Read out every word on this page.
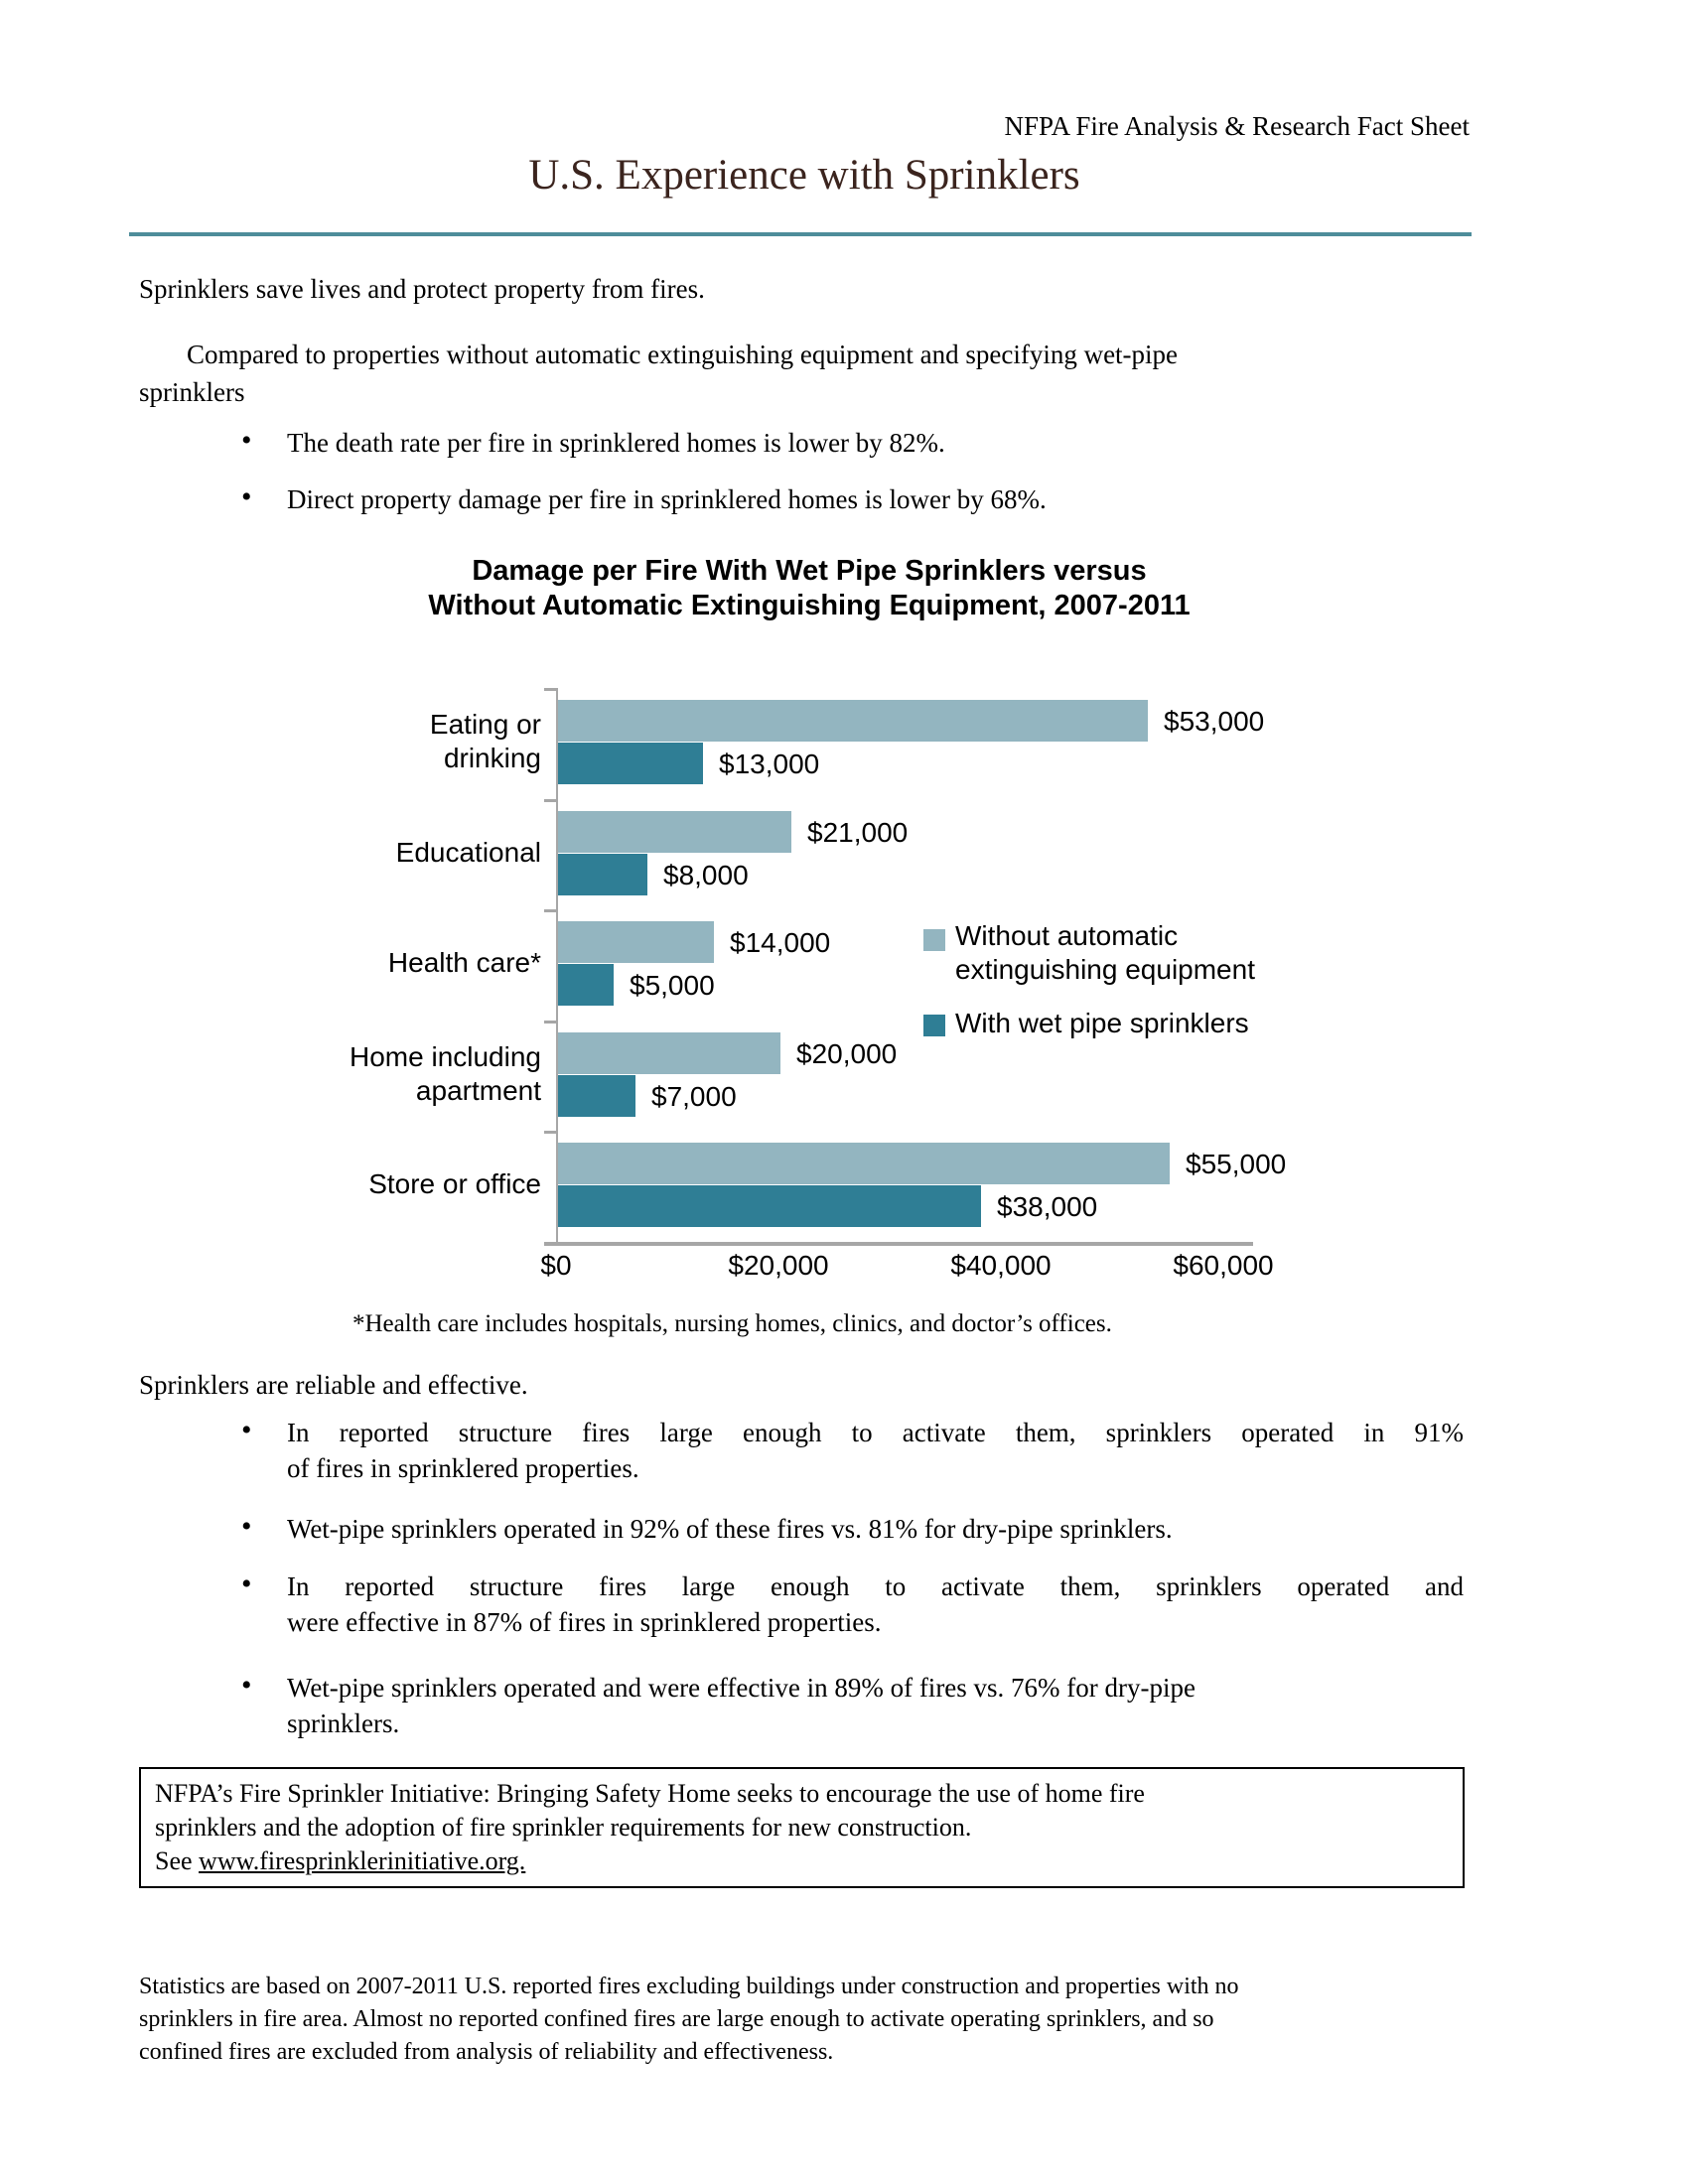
NFPA Fire Analysis & Research Fact Sheet
U.S. Experience with Sprinklers
Sprinklers save lives and protect property from fires.
Compared to properties without automatic extinguishing equipment and specifying wet-pipe
sprinklers
• The death rate per fire in sprinklered homes is lower by 82%.
• Direct property damage per fire in sprinklered homes is lower by 68%.
Damage per Fire With Wet Pipe Sprinklers versus
Without Automatic Extinguishing Equipment, 2007-2011
Eating or
drinking
$53,000
$13,000
Educational
$21,000
$8,000
Health care*
$14,000
$5,000
Home including
apartment
$20,000
$7,000
Store or office
$55,000
$38,000
$0	$20,000	$40,000	$60,000
Without automatic extinguishing equipment
With wet pipe sprinklers
*Health care includes hospitals, nursing homes, clinics, and doctor’s offices.
Sprinklers are reliable and effective.
• In reported structure fires large enough to activate them, sprinklers operated in 91%
of fires in sprinklered properties.
• Wet-pipe sprinklers operated in 92% of these fires vs. 81% for dry-pipe sprinklers.
• In reported structure fires large enough to activate them, sprinklers operated and
were effective in 87% of fires in sprinklered properties.
• Wet-pipe sprinklers operated and were effective in 89% of fires vs. 76% for dry-pipe
sprinklers.
NFPA’s Fire Sprinkler Initiative: Bringing Safety Home seeks to encourage the use of home fire
sprinklers and the adoption of fire sprinkler requirements for new construction.
See www.firesprinklerinitiative.org.
Statistics are based on 2007-2011 U.S. reported fires excluding buildings under construction and properties with no
sprinklers in fire area. Almost no reported confined fires are large enough to activate operating sprinklers, and so
confined fires are excluded from analysis of reliability and effectiveness.
